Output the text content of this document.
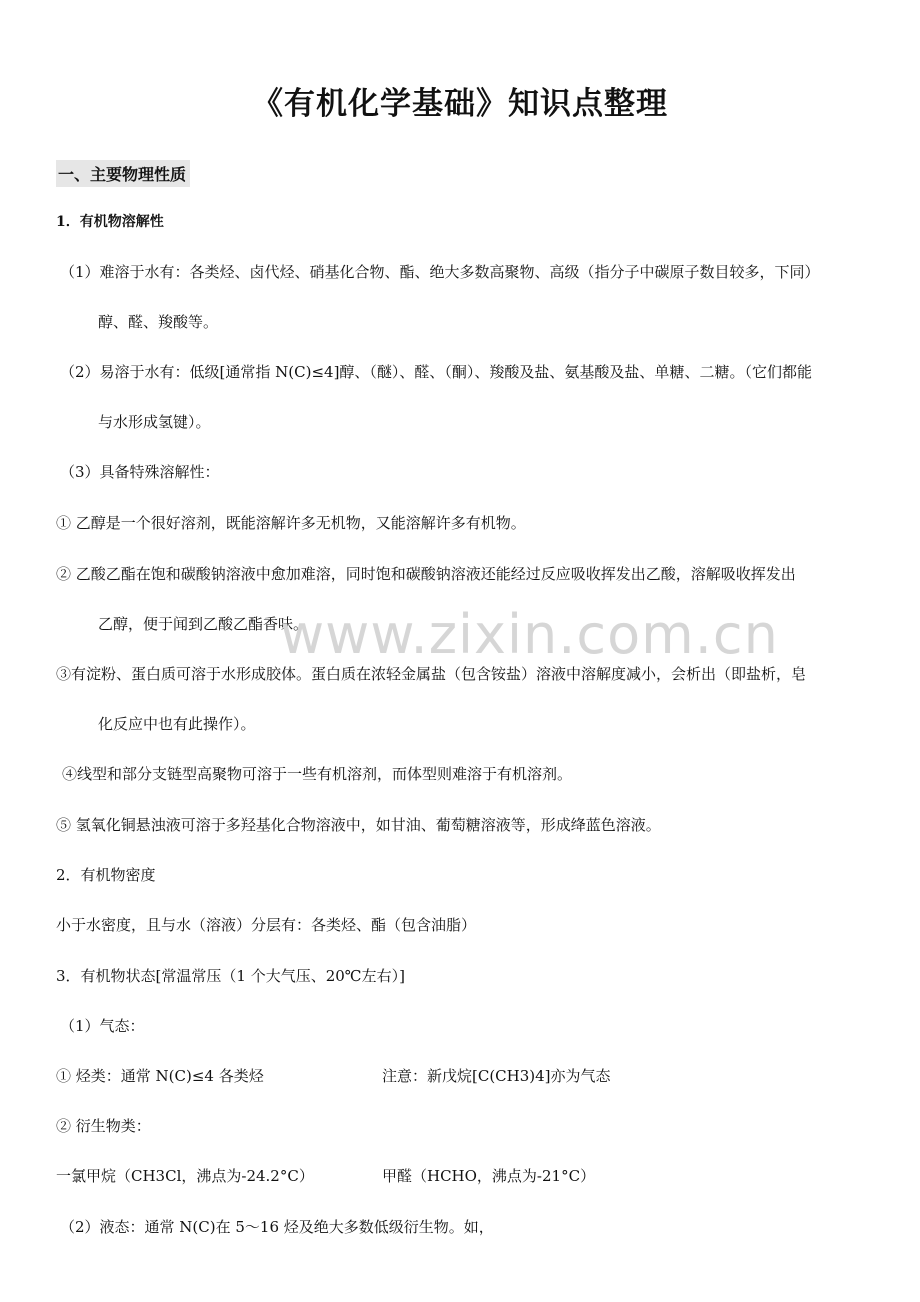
《有机化学基础》知识点整理
一、主要物理性质
1．有机物溶解性
（1）难溶于水有：各类烃、卤代烃、硝基化合物、酯、绝大多数高聚物、高级（指分子中碳原子数目较多，下同）
醇、醛、羧酸等。
（2）易溶于水有：低级[通常指 N(C)≤4]醇、（醚）、醛、（酮）、羧酸及盐、氨基酸及盐、单糖、二糖。（它们都能
与水形成氢键）。
（3）具备特殊溶解性：
① 乙醇是一个很好溶剂，既能溶解许多无机物，又能溶解许多有机物。
② 乙酸乙酯在饱和碳酸钠溶液中愈加难溶，同时饱和碳酸钠溶液还能经过反应吸收挥发出乙酸，溶解吸收挥发出
乙醇，便于闻到乙酸乙酯香味。
③有淀粉、蛋白质可溶于水形成胶体。蛋白质在浓轻金属盐（包含铵盐）溶液中溶解度减小，会析出（即盐析，皂
化反应中也有此操作）。
④线型和部分支链型高聚物可溶于一些有机溶剂，而体型则难溶于有机溶剂。
⑤ 氢氧化铜悬浊液可溶于多羟基化合物溶液中，如甘油、葡萄糖溶液等，形成绛蓝色溶液。
2．有机物密度
小于水密度，且与水（溶液）分层有：各类烃、酯（包含油脂）
3．有机物状态[常温常压（1 个大气压、20℃左右）]
（1）气态：
① 烃类：通常 N(C)≤4 各类烃	注意：新戊烷[C(CH3)4]亦为气态
② 衍生物类：
一氯甲烷（CH3Cl，沸点为-24.2°C）	甲醛（HCHO，沸点为-21°C）
（2）液态：通常 N(C)在 5～16 烃及绝大多数低级衍生物。如，
www.zixin.com.cn
